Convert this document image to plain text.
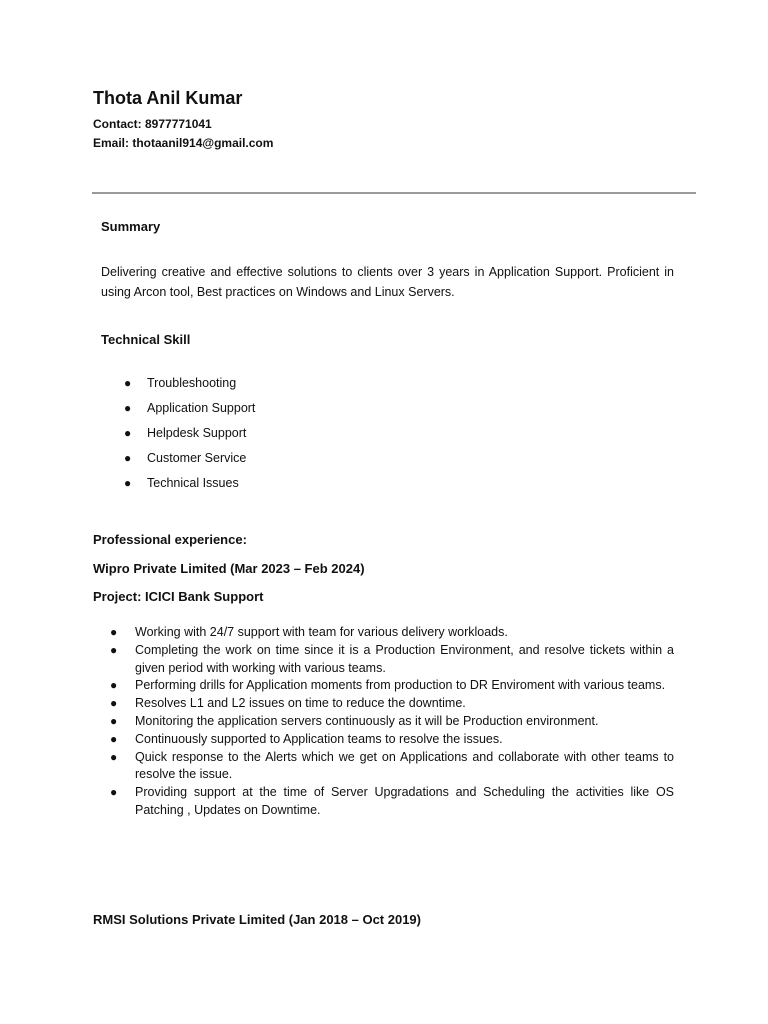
Thota Anil Kumar
Contact: 8977771041
Email: thotaanil914@gmail.com
Summary
Delivering creative and effective solutions to clients over 3 years in Application Support. Proficient in using Arcon tool, Best practices on Windows and Linux Servers.
Technical Skill
● Troubleshooting
● Application Support
● Helpdesk Support
● Customer Service
● Technical Issues
Professional experience:
Wipro Private Limited (Mar 2023 – Feb 2024)
Project: ICICI Bank Support
● Working with 24/7 support with team for various delivery workloads.
● Completing the work on time since it is a Production Environment, and resolve tickets within a given period with working with various teams.
● Performing drills for Application moments from production to DR Enviroment with various teams.
● Resolves L1 and L2 issues on time to reduce the downtime.
● Monitoring the application servers continuously as it will be Production environment.
● Continuously supported to Application teams to resolve the issues.
● Quick response to the Alerts which we get on Applications and collaborate with other teams to resolve the issue.
● Providing support at the time of Server Upgradations and Scheduling the activities like OS Patching , Updates on Downtime.
RMSI Solutions Private Limited (Jan 2018 – Oct 2019)
